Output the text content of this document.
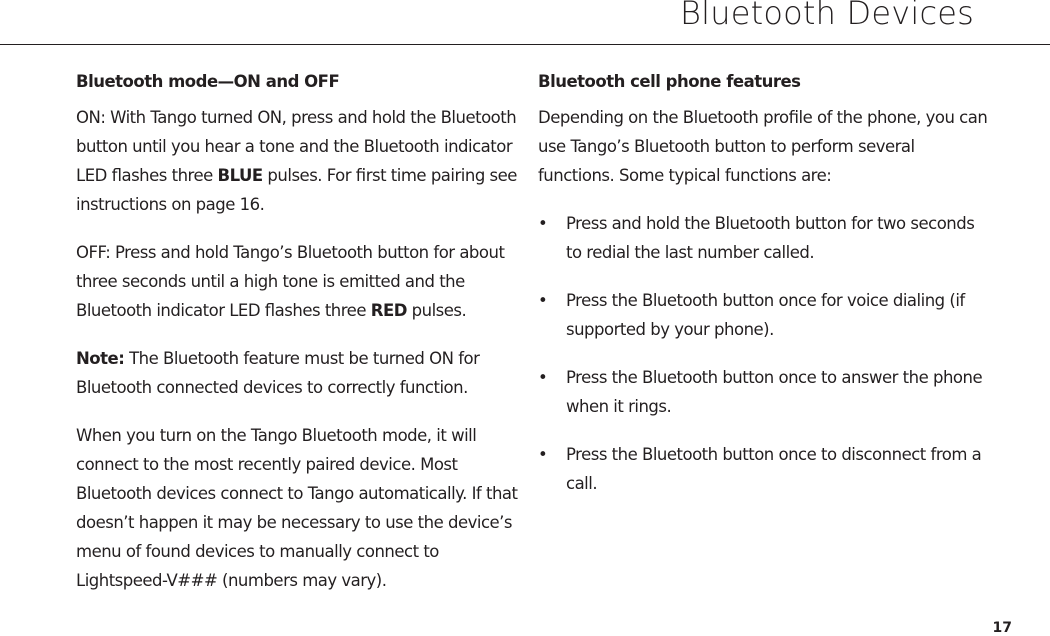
Bluetooth Devices
Bluetooth mode—ON and OFF

ON: With Tango turned ON, press and hold the Bluetooth button until you hear a tone and the Bluetooth indicator LED ﬂashes three BLUE pulses. For ﬁrst time pairing see instructions on page 16.

OFF: Press and hold Tango’s Bluetooth button for about three seconds until a high tone is emitted and the Bluetooth indicator LED ﬂashes three RED pulses.

Note: The Bluetooth feature must be turned ON for Bluetooth connected devices to correctly function.

When you turn on the Tango Bluetooth mode, it will connect to the most recently paired device. Most Bluetooth devices connect to Tango automatically. If that doesn’t happen it may be necessary to use the device’s menu of found devices to manually connect to Lightspeed-V### (numbers may vary).

Bluetooth cell phone features

Depending on the Bluetooth proﬁle of the phone, you can use Tango’s Bluetooth button to perform several functions. Some typical functions are:

•	Press and hold the Bluetooth button for two seconds to redial the last number called.
•	Press the Bluetooth button once for voice dialing (if supported by your phone).
•	Press the Bluetooth button once to answer the phone when it rings.
•	Press the Bluetooth button once to disconnect from a call.
17
